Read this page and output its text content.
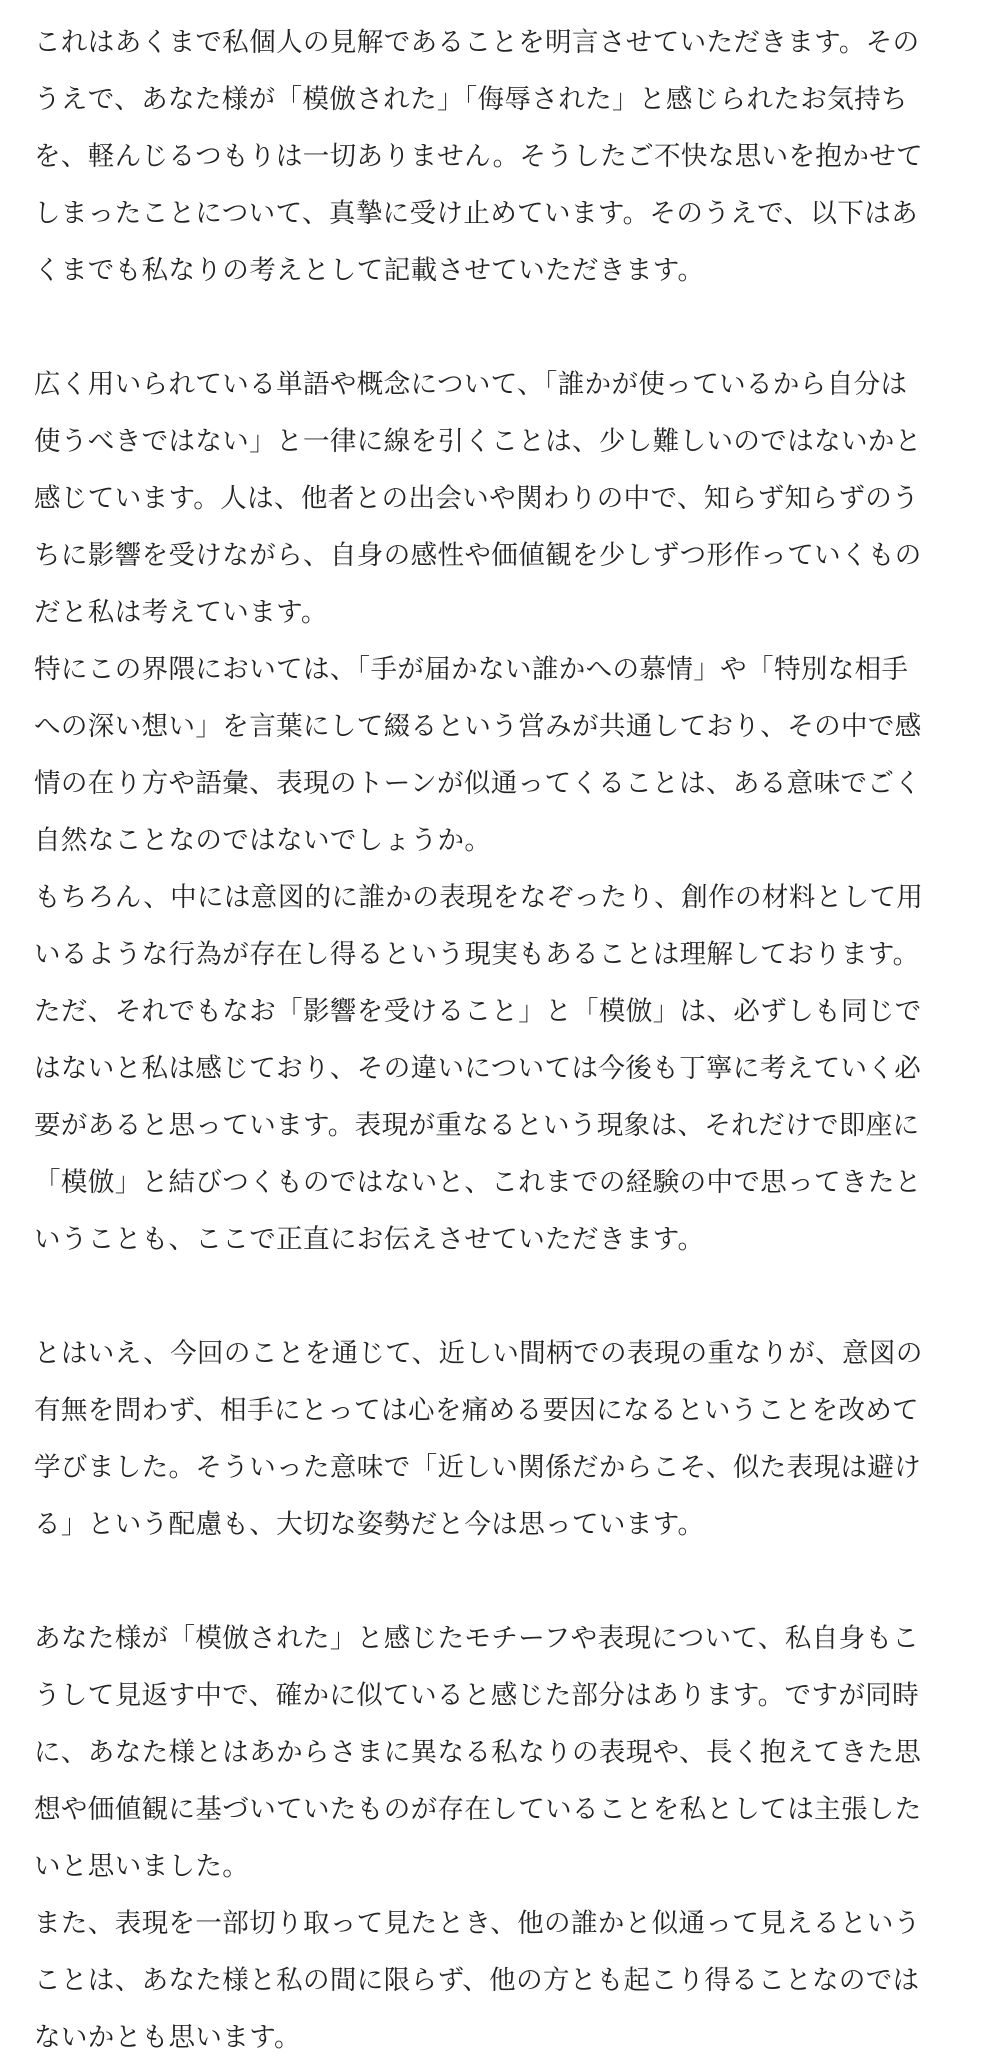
これはあくまで私個人の見解であることを明言させていただきます。その
うえで、あなた様が「模倣された」「侮辱された」と感じられたお気持ち
を、軽んじるつもりは一切ありません。そうしたご不快な思いを抱かせて
しまったことについて、真摯に受け止めています。そのうえで、以下はあ
くまでも私なりの考えとして記載させていただきます。
広く用いられている単語や概念について、「誰かが使っているから自分は
使うべきではない」と一律に線を引くことは、少し難しいのではないかと
感じています。人は、他者との出会いや関わりの中で、知らず知らずのう
ちに影響を受けながら、自身の感性や価値観を少しずつ形作っていくもの
だと私は考えています。
特にこの界隈においては、「手が届かない誰かへの慕情」や「特別な相手
への深い想い」を言葉にして綴るという営みが共通しており、その中で感
情の在り方や語彙、表現のトーンが似通ってくることは、ある意味でごく
自然なことなのではないでしょうか。
もちろん、中には意図的に誰かの表現をなぞったり、創作の材料として用
いるような行為が存在し得るという現実もあることは理解しております。
ただ、それでもなお「影響を受けること」と「模倣」は、必ずしも同じで
はないと私は感じており、その違いについては今後も丁寧に考えていく必
要があると思っています。表現が重なるという現象は、それだけで即座に
「模倣」と結びつくものではないと、これまでの経験の中で思ってきたと
いうことも、ここで正直にお伝えさせていただきます。
とはいえ、今回のことを通じて、近しい間柄での表現の重なりが、意図の
有無を問わず、相手にとっては心を痛める要因になるということを改めて
学びました。そういった意味で「近しい関係だからこそ、似た表現は避け
る」という配慮も、大切な姿勢だと今は思っています。
あなた様が「模倣された」と感じたモチーフや表現について、私自身もこ
うして見返す中で、確かに似ていると感じた部分はあります。ですが同時
に、あなた様とはあからさまに異なる私なりの表現や、長く抱えてきた思
想や価値観に基づいていたものが存在していることを私としては主張した
いと思いました。
また、表現を一部切り取って見たとき、他の誰かと似通って見えるという
ことは、あなた様と私の間に限らず、他の方とも起こり得ることなのでは
ないかとも思います。
